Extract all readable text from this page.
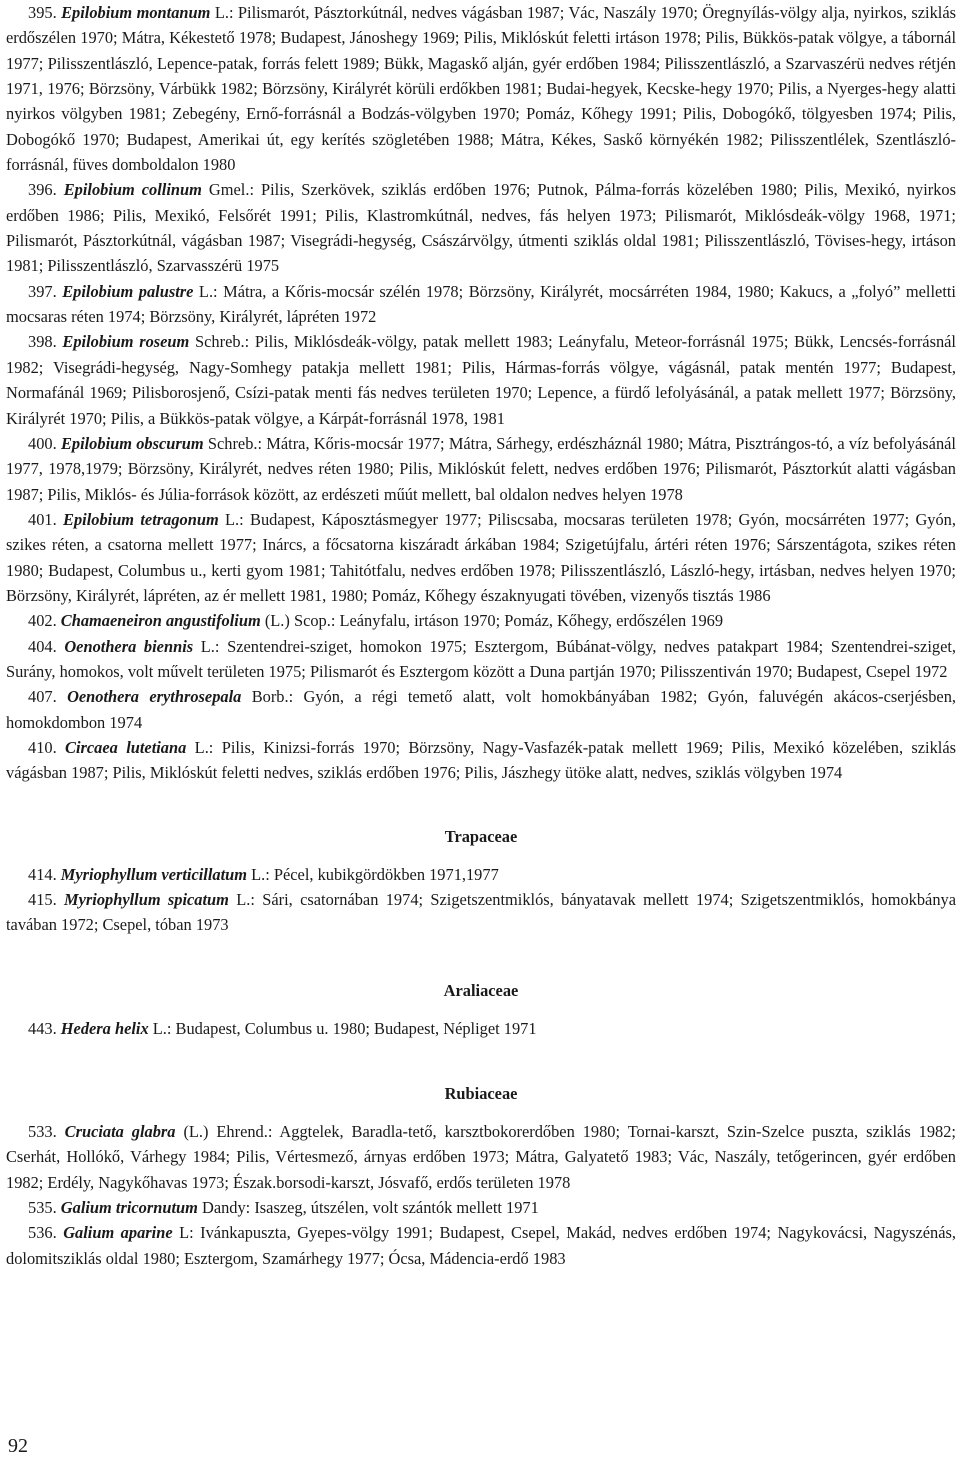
395. Epilobium montanum L.: Pilismarót, Pásztorkútnál, nedves vágásban 1987; Vác, Naszály 1970; Öregnyílás-völgy alja, nyirkos, sziklás erdőszélen 1970; Mátra, Kékestető 1978; Budapest, Jánoshegy 1969; Pilis, Miklóskút feletti irtáson 1978; Pilis, Bükkös-patak völgye, a tábornál 1977; Pilisszentlászló, Lepence-patak, forrás felett 1989; Bükk, Magaskő alján, gyér erdőben 1984; Pilisszentlászló, a Szarvaszérü nedves rétjén 1971, 1976; Börzsöny, Várbükk 1982; Börzsöny, Királyrét körüli erdőkben 1981; Budai-hegyek, Kecske-hegy 1970; Pilis, a Nyerges-hegy alatti nyirkos völgyben 1981; Zebegény, Ernő-forrásnál a Bodzás-völgyben 1970; Pomáz, Kőhegy 1991; Pilis, Dobogókő, tölgyesben 1974; Pilis, Dobogókő 1970; Budapest, Amerikai út, egy kerítés szögletében 1988; Mátra, Kékes, Saskő környékén 1982; Pilisszentlélek, Szentlászló-forrásnál, füves domboldalon 1980

396. Epilobium collinum Gmel.: Pilis, Szerkövek, sziklás erdőben 1976; Putnok, Pálma-forrás közelében 1980; Pilis, Mexikó, nyirkos erdőben 1986; Pilis, Mexikó, Felsőrét 1991; Pilis, Klastromkútnál, nedves, fás helyen 1973; Pilismarót, Miklósdeák-völgy 1968, 1971; Pilismarót, Pásztorkútnál, vágásban 1987; Visegrádi-hegység, Császárvölgy, útmenti sziklás oldal 1981; Pilisszentlászló, Tövises-hegy, irtáson 1981; Pilisszentlászló, Szarvasszérü 1975

397. Epilobium palustre L.: Mátra, a Kőris-mocsár szélén 1978; Börzsöny, Királyrét, mocsárréten 1984, 1980; Kakucs, a „folyó” melletti mocsaras réten 1974; Börzsöny, Királyrét, lápréten 1972

398. Epilobium roseum Schreb.: Pilis, Miklósdeák-völgy, patak mellett 1983; Leányfalu, Meteor-forrásnál 1975; Bükk, Lencsés-forrásnál 1982; Visegrádi-hegység, Nagy-Somhegy patakja mellett 1981; Pilis, Hármas-forrás völgye, vágásnál, patak mentén 1977; Budapest, Normafánál 1969; Pilisborosjenő, Csízi-patak menti fás nedves területen 1970; Lepence, a fürdő lefolyásánál, a patak mellett 1977; Börzsöny, Királyrét 1970; Pilis, a Bükkös-patak völgye, a Kárpát-forrásnál 1978, 1981

400. Epilobium obscurum Schreb.: Mátra, Kőris-mocsár 1977; Mátra, Sárhegy, erdészháznál 1980; Mátra, Pisztrángos-tó, a víz befolyásánál 1977, 1978,1979; Börzsöny, Királyrét, nedves réten 1980; Pilis, Miklóskút felett, nedves erdőben 1976; Pilismarót, Pásztorkút alatti vágásban 1987; Pilis, Miklós- és Júlia-források között, az erdészeti műút mellett, bal oldalon nedves helyen 1978

401. Epilobium tetragonum L.: Budapest, Káposztásmegyer 1977; Piliscsaba, mocsaras területen 1978; Gyón, mocsárréten 1977; Gyón, szikes réten, a csatorna mellett 1977; Inárcs, a főcsatorna kiszáradt árkában 1984; Szigetújfalu, ártéri réten 1976; Sárszentágota, szikes réten 1980; Budapest, Columbus u., kerti gyom 1981; Tahitótfalu, nedves erdőben 1978; Pilisszentlászló, László-hegy, irtásban, nedves helyen 1970; Börzsöny, Királyrét, lápréten, az ér mellett 1981, 1980; Pomáz, Kőhegy északnyugati tövében, vizenyős tisztás 1986

402. Chamaeneiron angustifolium (L.) Scop.: Leányfalu, irtáson 1970; Pomáz, Kőhegy, erdőszélen 1969

404. Oenothera biennis L.: Szentendrei-sziget, homokon 1975; Esztergom, Búbánat-völgy, nedves patakpart 1984; Szentendrei-sziget, Surány, homokos, volt művelt területen 1975; Pilismarót és Esztergom között a Duna partján 1970; Pilisszentiván 1970; Budapest, Csepel 1972

407. Oenothera erythrosepala Borb.: Gyón, a régi temető alatt, volt homokbányában 1982; Gyón, faluvégén akácos-cserjésben, homokdombon 1974

410. Circaea lutetiana L.: Pilis, Kinizsi-forrás 1970; Börzsöny, Nagy-Vasfazék-patak mellett 1969; Pilis, Mexikó közelében, sziklás vágásban 1987; Pilis, Miklóskút feletti nedves, sziklás erdőben 1976; Pilis, Jászhegy ütöke alatt, nedves, sziklás völgyben 1974

Trapaceae

414. Myriophyllum verticillatum L.: Pécel, kubikgördökben 1971,1977

415. Myriophyllum spicatum L.: Sári, csatornában 1974; Szigetszentmiklós, bányatavak mellett 1974; Szigetszentmiklós, homokbánya tavában 1972; Csepel, tóban 1973

Araliaceae

443. Hedera helix L.: Budapest, Columbus u. 1980; Budapest, Népliget 1971

Rubiaceae

533. Cruciata glabra (L.) Ehrend.: Aggtelek, Baradla-tető, karsztbokorerdőben 1980; Tornai-karszt, Szin-Szelce puszta, sziklás 1982; Cserhát, Hollókő, Várhegy 1984; Pilis, Vértesmező, árnyas erdőben 1973; Mátra, Galyatető 1983; Vác, Naszály, tetőgerincen, gyér erdőben 1982; Erdély, Nagykőhavas 1973; Észak.borsodi-karszt, Jósvafő, erdős területen 1978

535. Galium tricornutum Dandy: Isaszeg, útszélen, volt szántók mellett 1971

536. Galium aparine L: Ivánkapuszta, Gyepes-völgy 1991; Budapest, Csepel, Makád, nedves erdőben 1974; Nagykovácsi, Nagyszénás, dolomitsziklás oldal 1980; Esztergom, Szamárhegy 1977; Ócsa, Mádencia-erdő 1983

92
